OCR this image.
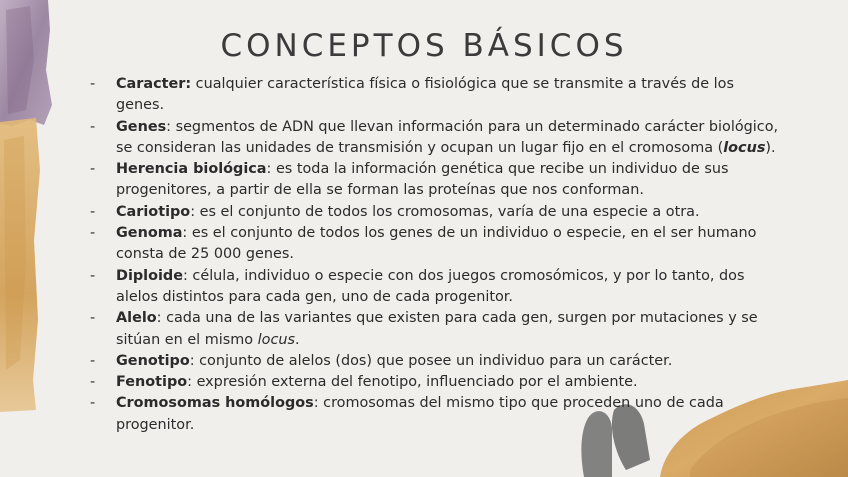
CONCEPTOS BÁSICOS
- Caracter: cualquier característica física o fisiológica que se transmite a través de los genes.
- Genes: segmentos de ADN que llevan información para un determinado carácter biológico, se consideran las unidades de transmisión y ocupan un lugar fijo en el cromosoma (locus).
- Herencia biológica: es toda la información genética que recibe un individuo de sus progenitores, a partir de ella se forman las proteínas que nos conforman.
- Cariotipo: es el conjunto de todos los cromosomas, varía de una especie a otra.
- Genoma: es el conjunto de todos los genes de un individuo o especie, en el ser humano consta de 25 000 genes.
- Diploide: célula, individuo o especie con dos juegos cromosómicos, y por lo tanto, dos alelos distintos para cada gen, uno de cada progenitor.
- Alelo: cada una de las variantes que existen para cada gen, surgen por mutaciones y se sitúan en el mismo locus.
- Genotipo: conjunto de alelos (dos) que posee un individuo para un carácter.
- Fenotipo: expresión externa del fenotipo, influenciado por el ambiente.
- Cromosomas homólogos: cromosomas del mismo tipo que proceden uno de cada progenitor.
